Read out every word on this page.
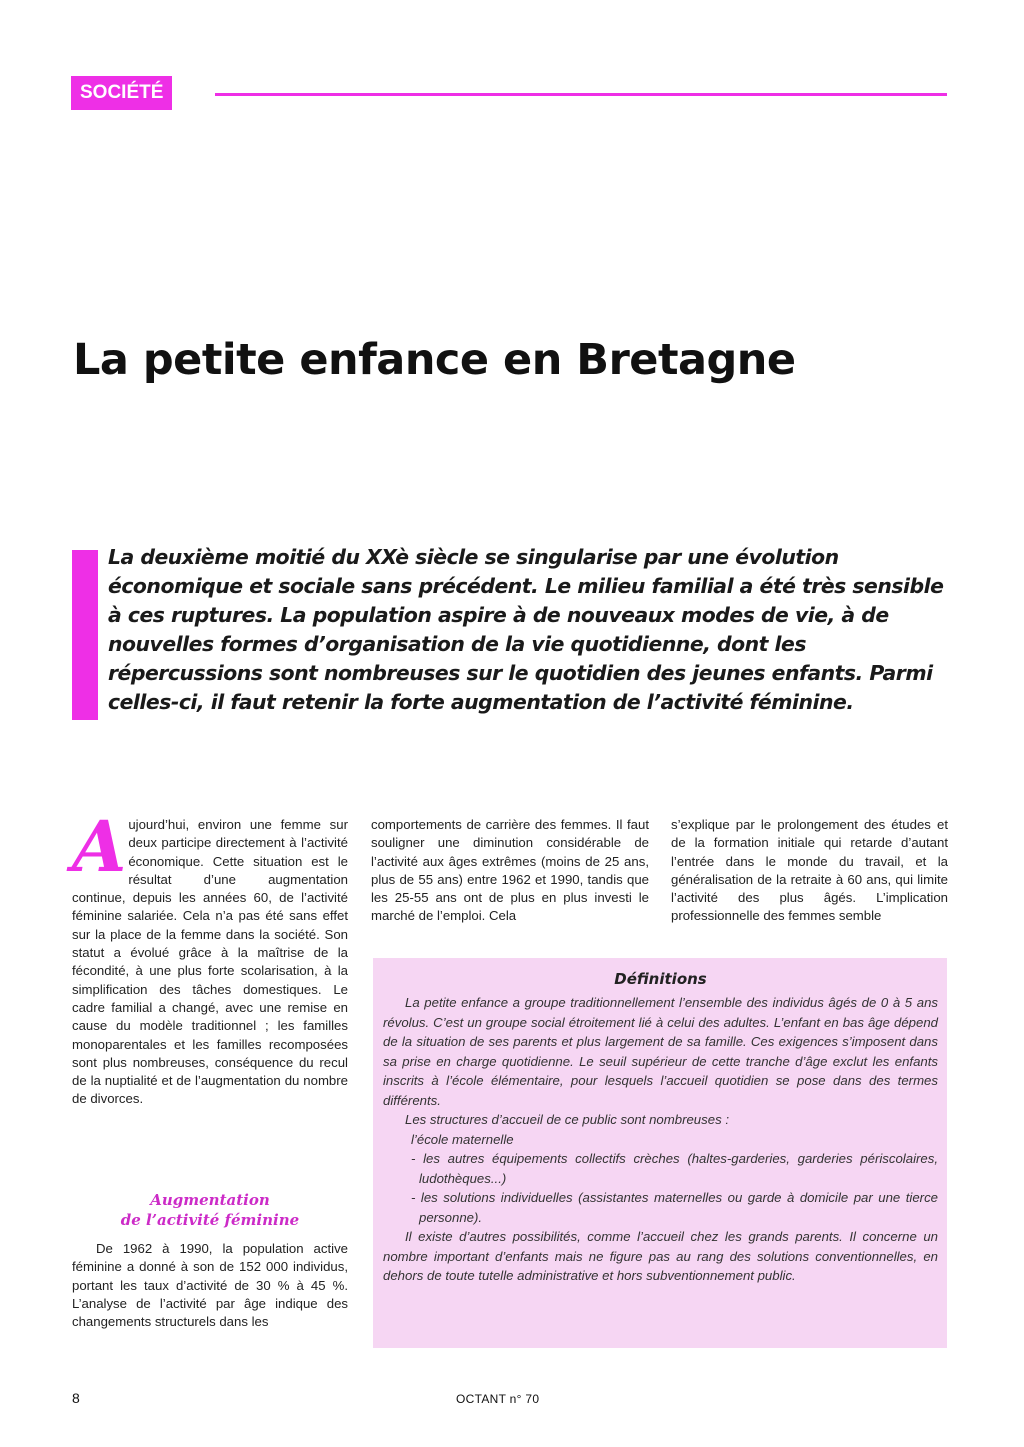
SOCIÉTÉ
La petite enfance en Bretagne
La deuxième moitié du XXè siècle se singularise par une évolution économique et sociale sans précédent. Le milieu familial a été très sensible à ces ruptures. La population aspire à de nouveaux modes de vie, à de nouvelles formes d’organisation de la vie quotidienne, dont les répercussions sont nombreuses sur le quotidien des jeunes enfants. Parmi celles-ci, il faut retenir la forte augmentation de l’activité féminine.
A ujourd’hui, environ une femme sur deux participe directement à l’activité économique. Cette situation est le résultat d’une augmentation continue, depuis les années 60, de l’activité féminine salariée. Cela n’a pas été sans effet sur la place de la femme dans la société. Son statut a évolué grâce à la maîtrise de la fécondité, à une plus forte scolarisation, à la simplification des tâches domestiques. Le cadre familial a changé, avec une remise en cause du modèle traditionnel ; les familles monoparentales et les familles recomposées sont plus nombreuses, conséquence du recul de la nuptialité et de l’augmentation du nombre de divorces.

Augmentation
de l’activité féminine
De 1962 à 1990, la population active féminine a donné à son de 152 000 individus, portant les taux d’activité de 30 % à 45 %. L’analyse de l’activité par âge indique des changements structurels dans les
comportements de carrière des femmes. Il faut souligner une diminution considérable de l’activité aux âges extrêmes (moins de 25 ans, plus de 55 ans) entre 1962 et 1990, tandis que les 25-55 ans ont de plus en plus investi le marché de l’emploi. Cela
s’explique par le prolongement des études et de la formation initiale qui retarde d’autant l’entrée dans le monde du travail, et la généralisation de la retraite à 60 ans, qui limite l’activité des plus âgés. L’implication professionnelle des femmes semble
Définitions

La petite enfance a groupe traditionnellement l’ensemble des individus âgés de 0 à 5 ans révolus. C’est un groupe social étroitement lié à celui des adultes. L’enfant en bas âge dépend de la situation de ses parents et plus largement de sa famille. Ces exigences s’imposent dans sa prise en charge quotidienne. Le seuil supérieur de cette tranche d’âge exclut les enfants inscrits à l’école élémentaire, pour lesquels l’accueil quotidien se pose dans des termes différents.

Les structures d’accueil de ce public sont nombreuses :

l’école maternelle

- les autres équipements collectifs crèches (haltes-garderies, garderies périscolaires, ludothèques...)

- les solutions individuelles (assistantes maternelles ou garde à domicile par une tierce personne).

Il existe d’autres possibilités, comme l’accueil chez les grands parents. Il concerne un nombre important d’enfants mais ne figure pas au rang des solutions conventionnelles, en dehors de toute tutelle administrative et hors subventionnement public.

8	OCTANT n° 70
